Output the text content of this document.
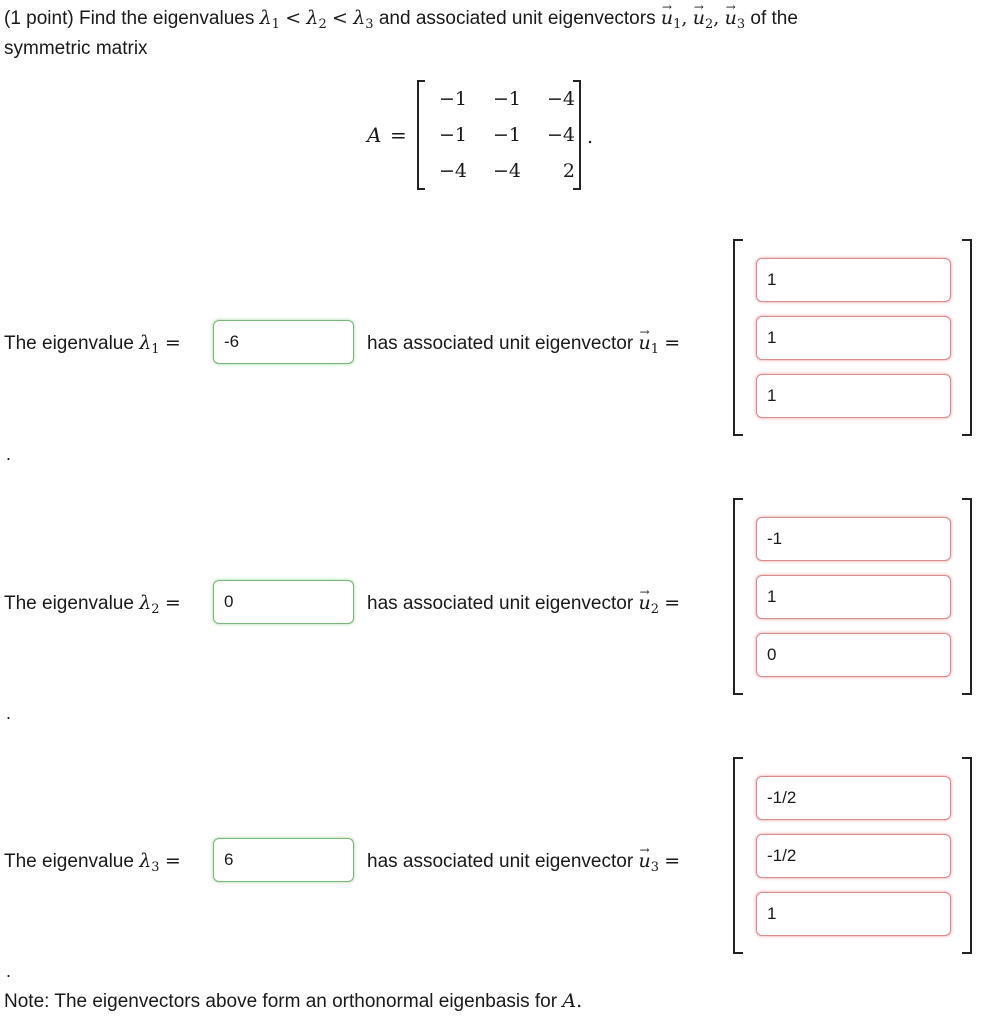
(1 point) Find the eigenvalues $\lambda_1 < \lambda_2 < \lambda_3$ and associated unit eigenvectors → $u_1$, → $u_2$, → $u_3$ of the
symmetric matrix
A =
−1	−1	−4
−1	−1	−4
−4	−4	2
.
The eigenvalue $\lambda_1$ =
-6	has associated unit eigenvector → $u_1$ =
1
1
1
.
The eigenvalue $\lambda_2$ =
0	has associated unit eigenvector → $u_2$ =
-1
1
0
.
The eigenvalue $\lambda_3$ =
6	has associated unit eigenvector → $u_3$ =
-1/2
-1/2
1
.
Note: The eigenvectors above form an orthonormal eigenbasis for A.
